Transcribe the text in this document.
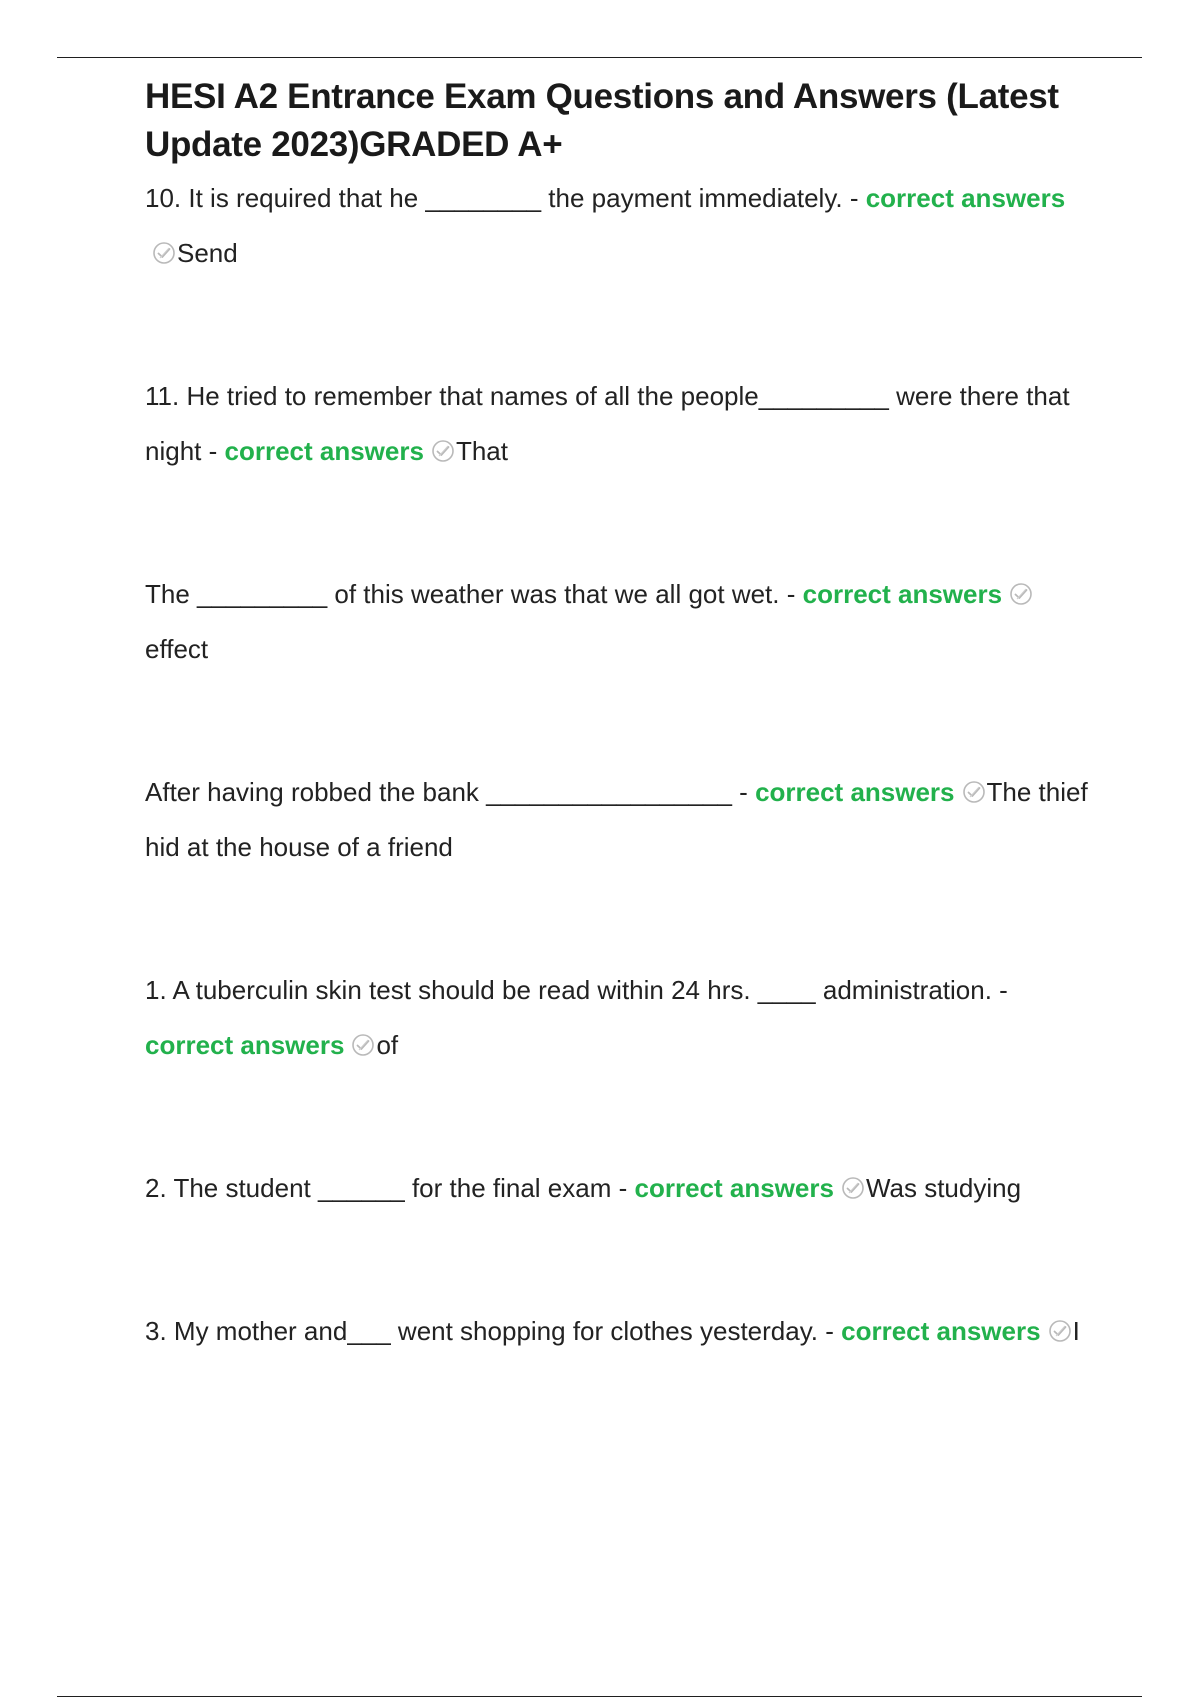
HESI A2 Entrance Exam Questions and Answers (Latest Update 2023)GRADED A+

10. It is required that he ________ the payment immediately. - correct answers
Send

11. He tried to remember that names of all the people_________ were there that night - correct answers That

The _________ of this weather was that we all got wet. - correct answers
effect

After having robbed the bank _________________ - correct answers The thief hid at the house of a friend

1. A tuberculin skin test should be read within 24 hrs. ____ administration. - correct answers of

2. The student ______ for the final exam - correct answers Was studying

3. My mother and___ went shopping for clothes yesterday. - correct answers I
